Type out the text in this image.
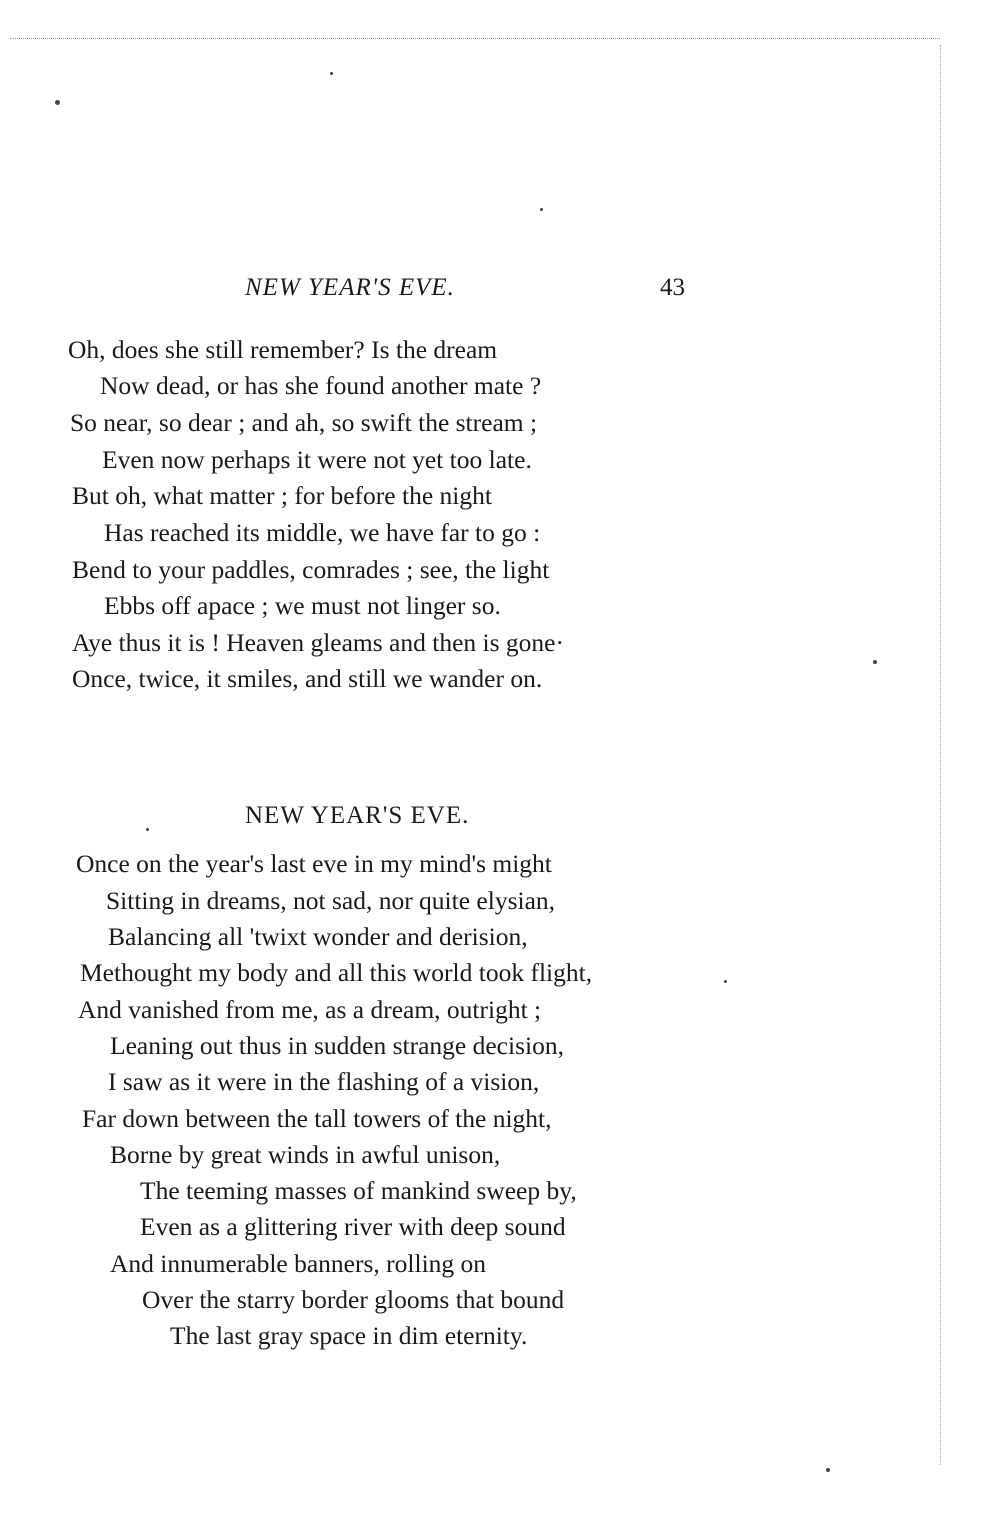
NEW YEAR'S EVE.	43
Oh, does she still remember? Is the dream
Now dead, or has she found another mate ?
So near, so dear ; and ah, so swift the stream ;
Even now perhaps it were not yet too late.
But oh, what matter ; for before the night
Has reached its middle, we have far to go :
Bend to your paddles, comrades ; see, the light
Ebbs off apace ; we must not linger so.
Aye thus it is ! Heaven gleams and then is gone·
Once, twice, it smiles, and still we wander on.
NEW YEAR'S EVE.
Once on the year's last eve in my mind's might
Sitting in dreams, not sad, nor quite elysian,
Balancing all 'twixt wonder and derision,
Methought my body and all this world took flight,
And vanished from me, as a dream, outright ;
Leaning out thus in sudden strange decision,
I saw as it were in the flashing of a vision,
Far down between the tall towers of the night,
Borne by great winds in awful unison,
The teeming masses of mankind sweep by,
Even as a glittering river with deep sound
And innumerable banners, rolling on
Over the starry border glooms that bound
The last gray space in dim eternity.
